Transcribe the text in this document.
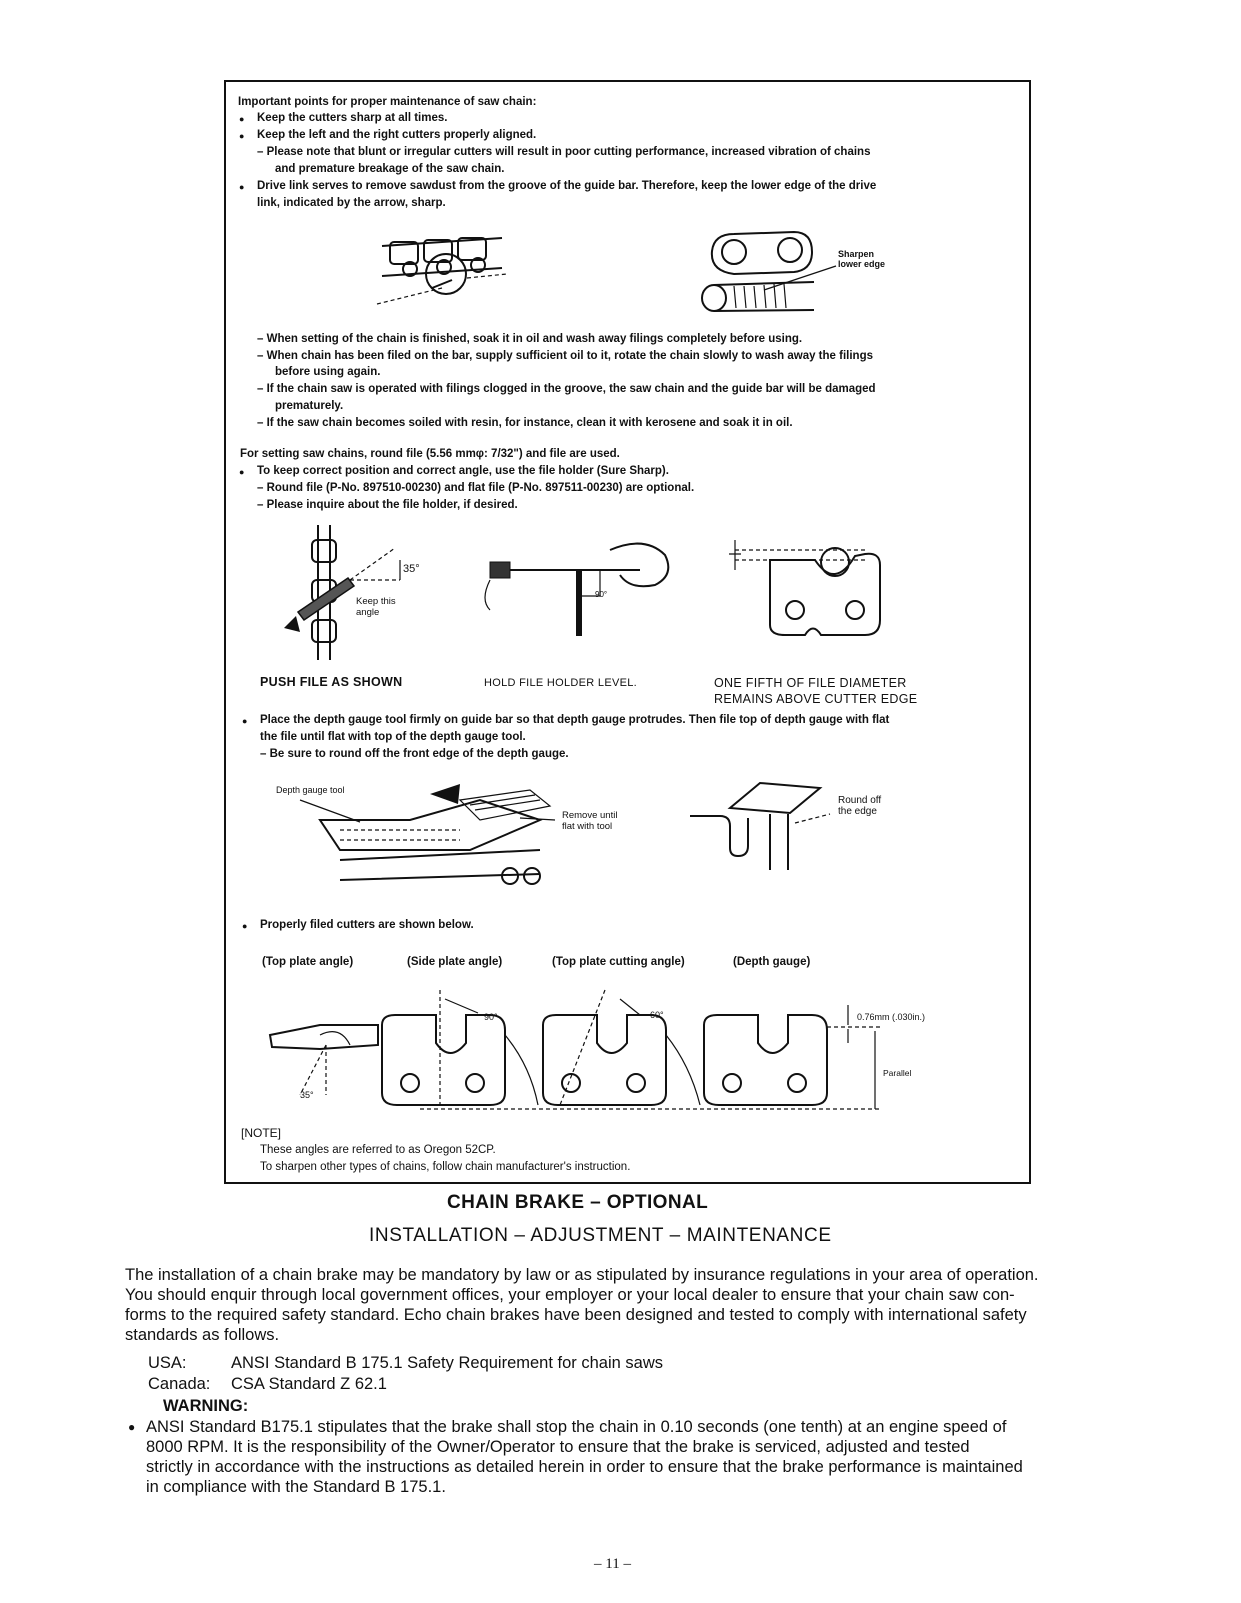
Important points for proper maintenance of saw chain:
● Keep the cutters sharp at all times.
● Keep the left and the right cutters properly aligned.
– Please note that blunt or irregular cutters will result in poor cutting performance, increased vibration of chains
and premature breakage of the saw chain.
● Drive link serves to remove sawdust from the groove of the guide bar. Therefore, keep the lower edge of the drive
link, indicated by the arrow, sharp.
Sharpen
lower edge
– When setting of the chain is finished, soak it in oil and wash away filings completely before using.
– When chain has been filed on the bar, supply sufficient oil to it, rotate the chain slowly to wash away the filings
before using again.
– If the chain saw is operated with filings clogged in the groove, the saw chain and the guide bar will be damaged
prematurely.
– If the saw chain becomes soiled with resin, for instance, clean it with kerosene and soak it in oil.
For setting saw chains, round file (5.56 mmφ: 7/32") and file are used.
● To keep correct position and correct angle, use the file holder (Sure Sharp).
– Round file (P-No. 897510-00230) and flat file (P-No. 897511-00230) are optional.
– Please inquire about the file holder, if desired.
35°
Keep this
angle
90°
PUSH FILE AS SHOWN	HOLD FILE HOLDER LEVEL.	ONE FIFTH OF FILE DIAMETER
REMAINS ABOVE CUTTER EDGE
● Place the depth gauge tool firmly on guide bar so that depth gauge protrudes. Then file top of depth gauge with flat
the file until flat with top of the depth gauge tool.
– Be sure to round off the front edge of the depth gauge.
Depth gauge tool
Remove until
flat with tool
Round off
the edge
● Properly filed cutters are shown below.
(Top plate angle)	(Side plate angle)	(Top plate cutting angle)	(Depth gauge)
90°	60°
35°
0.76mm (.030in.)
Parallel
[NOTE]
These angles are referred to as Oregon 52CP.
To sharpen other types of chains, follow chain manufacturer's instruction.
CHAIN BRAKE – OPTIONAL
INSTALLATION – ADJUSTMENT – MAINTENANCE
The installation of a chain brake may be mandatory by law or as stipulated by insurance regulations in your area of operation.
You should enquir through local government offices, your employer or your local dealer to ensure that your chain saw con-
forms to the required safety standard. Echo chain brakes have been designed and tested to comply with international safety
standards as follows.
USA:	ANSI Standard B 175.1 Safety Requirement for chain saws
Canada: CSA Standard Z 62.1
WARNING:
● ANSI Standard B175.1 stipulates that the brake shall stop the chain in 0.10 seconds (one tenth) at an engine speed of
8000 RPM. It is the responsibility of the Owner/Operator to ensure that the brake is serviced, adjusted and tested
strictly in accordance with the instructions as detailed herein in order to ensure that the brake performance is maintained
in compliance with the Standard B 175.1.
– 11 –
